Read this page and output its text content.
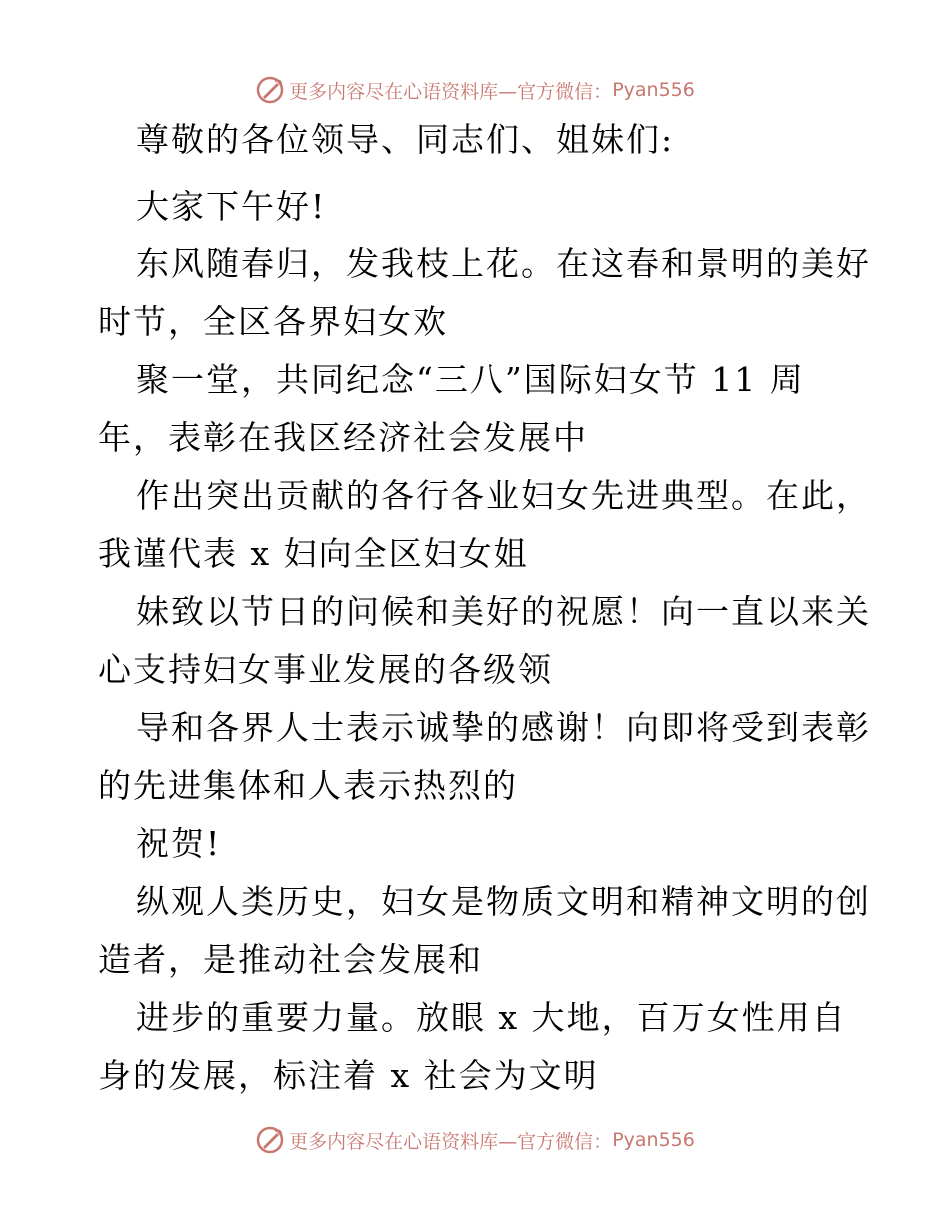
更多内容尽在心语资料库 —官方微信： Pyan556
尊敬的各位领导、同志们、姐妹们:
大家下午好!
东风随春归，发我枝上花。在这春和景明的美好
时节，全区各界妇女欢
聚一堂，共同纪念“三八”国际妇女节 11 周
年，表彰在我区经济社会发展中
作出突出贡献的各行各业妇女先进典型。在此，
我谨代表 x 妇向全区妇女姐
妹致以节日的问候和美好的祝愿！向一直以来关
心支持妇女事业发展的各级领
导和各界人士表示诚挚的感谢！向即将受到表彰
的先进集体和人表示热烈的
祝贺!
纵观人类历史，妇女是物质文明和精神文明的创
造者，是推动社会发展和
进步的重要力量。放眼 x 大地，百万女性用自
身的发展，标注着 x 社会为文明
更多内容尽在心语资料库 —官方微信： Pyan556
